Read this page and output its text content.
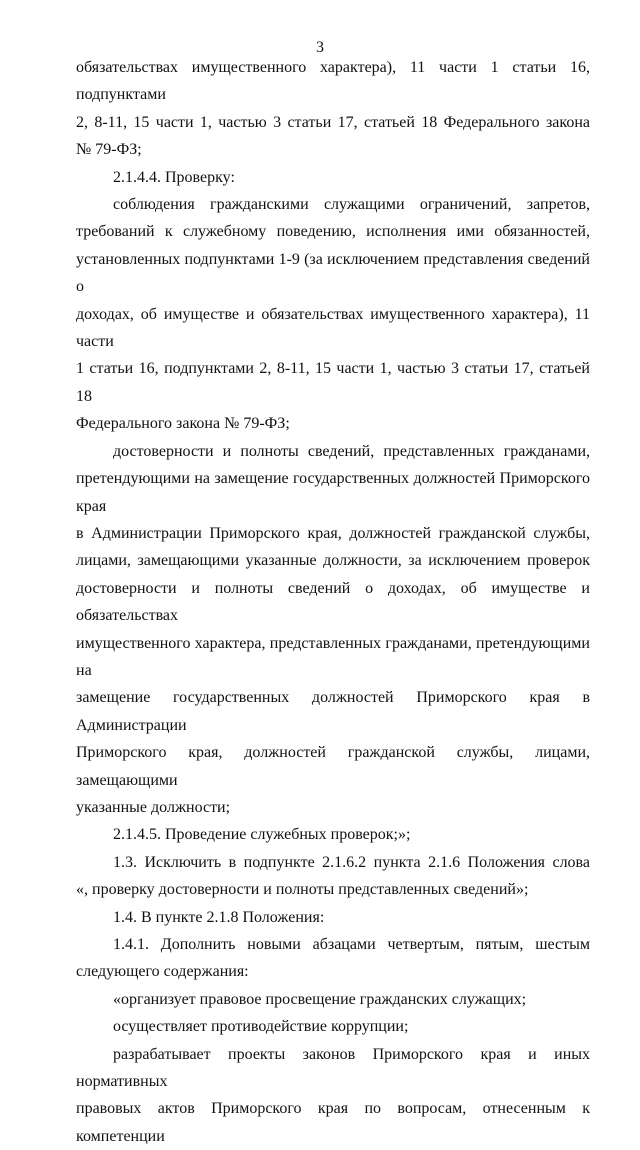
3

обязательствах имущественного характера), 11 части 1 статьи 16, подпунктами

2, 8-11, 15 части 1, частью 3 статьи 17, статьей 18 Федерального закона

№ 79-ФЗ;

2.1.4.4. Проверку:

соблюдения гражданскими служащими ограничений, запретов,

требований к служебному поведению, исполнения ими обязанностей,

установленных подпунктами 1-9 (за исключением представления сведений о

доходах, об имуществе и обязательствах имущественного характера), 11 части

1 статьи 16, подпунктами 2, 8-11, 15 части 1, частью 3 статьи 17, статьей 18

Федерального закона № 79-ФЗ;

достоверности и полноты сведений, представленных гражданами,

претендующими на замещение государственных должностей Приморского края

в Администрации Приморского края, должностей гражданской службы,

лицами, замещающими указанные должности, за исключением проверок

достоверности и полноты сведений о доходах, об имуществе и обязательствах

имущественного характера, представленных гражданами, претендующими на

замещение государственных должностей Приморского края в Администрации

Приморского края, должностей гражданской службы, лицами, замещающими

указанные должности;

2.1.4.5. Проведение служебных проверок;»;

1.3. Исключить в подпункте 2.1.6.2 пункта 2.1.6 Положения слова

«, проверку достоверности и полноты представленных сведений»;

1.4. В пункте 2.1.8 Положения:

1.4.1. Дополнить новыми абзацами четвертым, пятым, шестым

следующего содержания:

«организует правовое просвещение гражданских служащих;

осуществляет противодействие коррупции;

разрабатывает проекты законов Приморского края и иных нормативных

правовых актов Приморского края по вопросам, отнесенным к компетенции
